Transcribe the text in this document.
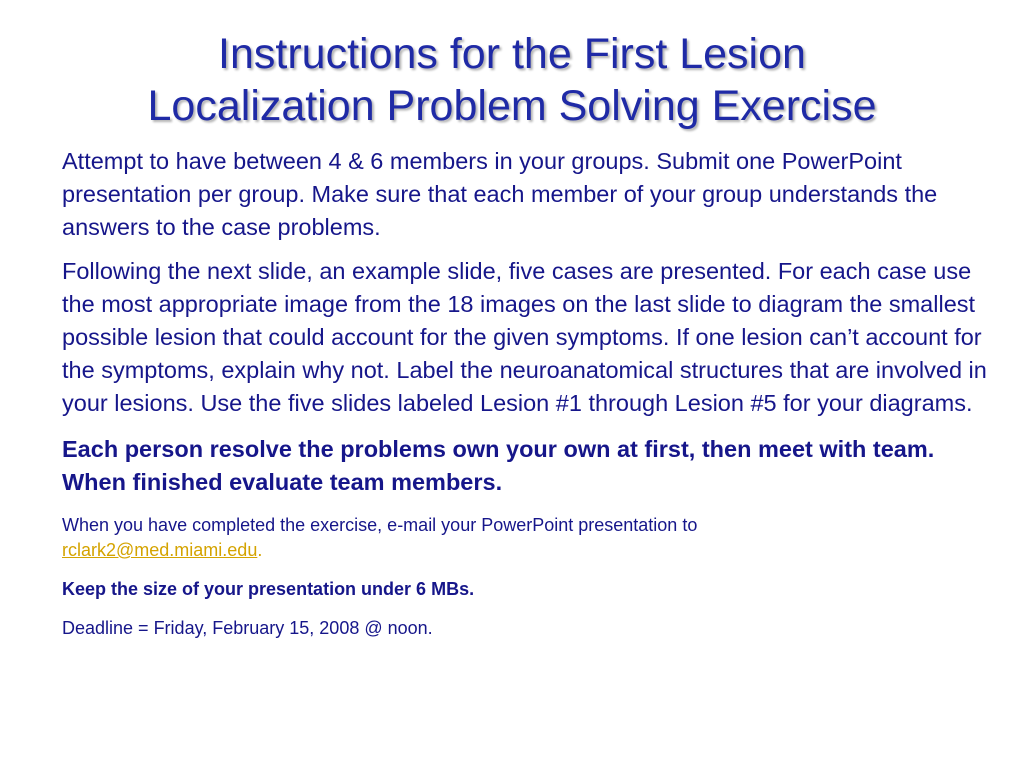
Instructions for the First Lesion
Localization Problem Solving Exercise

Attempt to have between 4 & 6 members in your groups. Submit one PowerPoint presentation per group. Make sure that each member of your group understands the answers to the case problems.

Following the next slide, an example slide, five cases are presented. For each case use the most appropriate image from the 18 images on the last slide to diagram the smallest possible lesion that could account for the given symptoms. If one lesion can’t account for the symptoms, explain why not. Label the neuroanatomical structures that are involved in your lesions. Use the five slides labeled Lesion #1 through Lesion #5 for your diagrams.

Each person resolve the problems own your own at first, then meet with team. When finished evaluate team members.

When you have completed the exercise, e-mail your PowerPoint presentation to
rclark2@med.miami.edu.

Keep the size of your presentation under 6 MBs.

Deadline = Friday, February 15, 2008 @ noon.
